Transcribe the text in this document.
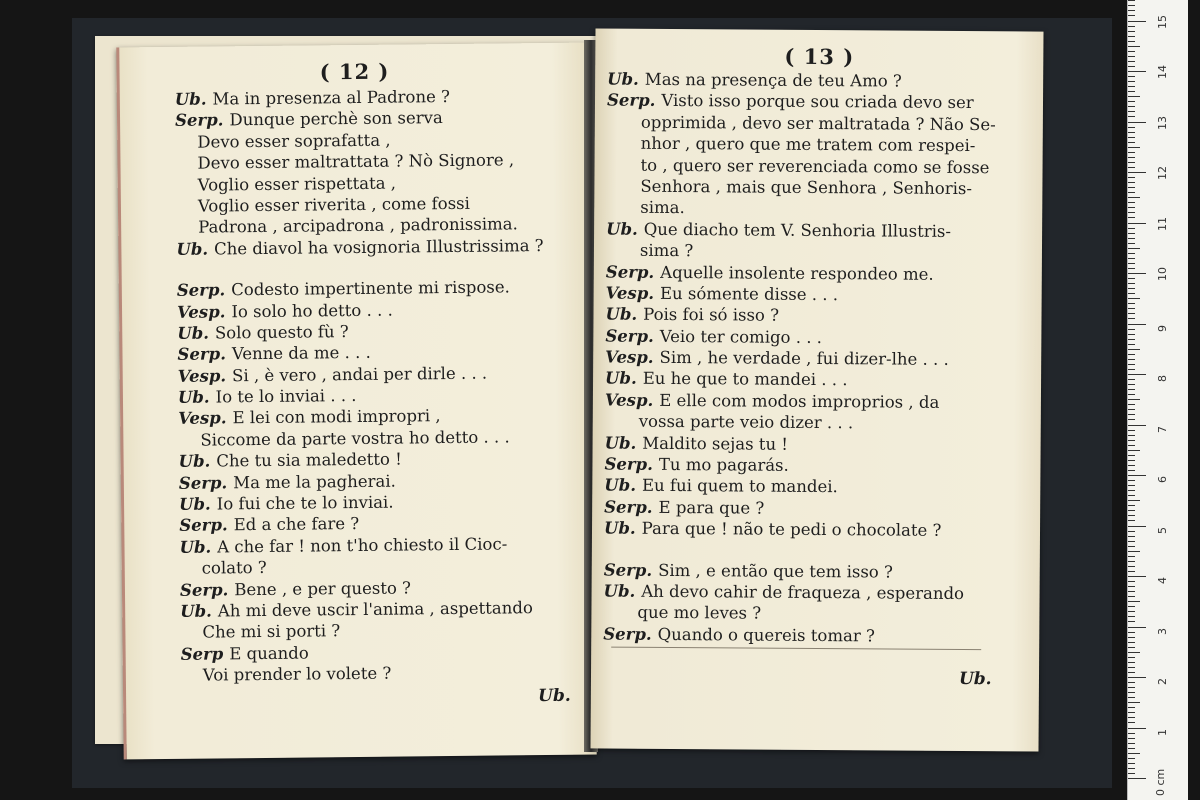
( 12 )
Ub. Ma in presenza al Padrone ?
Serp. Dunque perchè son serva
Devo esser soprafatta ,
Devo esser maltrattata ? Nò Signore ,
Voglio esser rispettata ,
Voglio esser riverita , come fossi
Padrona , arcipadrona , padronissima.
Ub. Che diavol ha vosignoria Illustrissima ?
Serp. Codesto impertinente mi rispose.
Vesp. Io solo ho detto . . .
Ub. Solo questo fù ?
Serp. Venne da me . . .
Vesp. Si , è vero , andai per dirle . . .
Ub. Io te lo inviai . . .
Vesp. E lei con modi impropri ,
Siccome da parte vostra ho detto . . .
Ub. Che tu sia maledetto !
Serp. Ma me la pagherai.
Ub. Io fui che te lo inviai.
Serp. Ed a che fare ?
Ub. A che far ! non t'ho chiesto il Cioc-
colato ?
Serp. Bene , e per questo ?
Ub. Ah mi deve uscir l'anima , aspettando
Che mi si porti ?
Serp E quando
Voi prender lo volete ?
Ub.
( 13 )
Ub. Mas na presença de teu Amo ?
Serp. Visto isso porque sou criada devo ser
opprimida , devo ser maltratada ? Não Se-
nhor , quero que me tratem com respei-
to , quero ser reverenciada como se fosse
Senhora , mais que Senhora , Senhoris-
sima.
Ub. Que diacho tem V. Senhoria Illustris-
sima ?
Serp. Aquelle insolente respondeo me.
Vesp. Eu sómente disse . . .
Ub. Pois foi só isso ?
Serp. Veio ter comigo . . .
Vesp. Sim , he verdade , fui dizer-lhe . . .
Ub. Eu he que to mandei . . .
Vesp. E elle com modos improprios , da
vossa parte veio dizer . . .
Ub. Maldito sejas tu !
Serp. Tu mo pagarás.
Ub. Eu fui quem to mandei.
Serp. E para que ?
Ub. Para que ! não te pedi o chocolate ?
Serp. Sim , e então que tem isso ?
Ub. Ah devo cahir de fraqueza , esperando
que mo leves ?
Serp. Quando o quereis tomar ?
Ub.
0 cm
1
2
3
4
5
6
7
8
9
10
11
12
13
14
15
